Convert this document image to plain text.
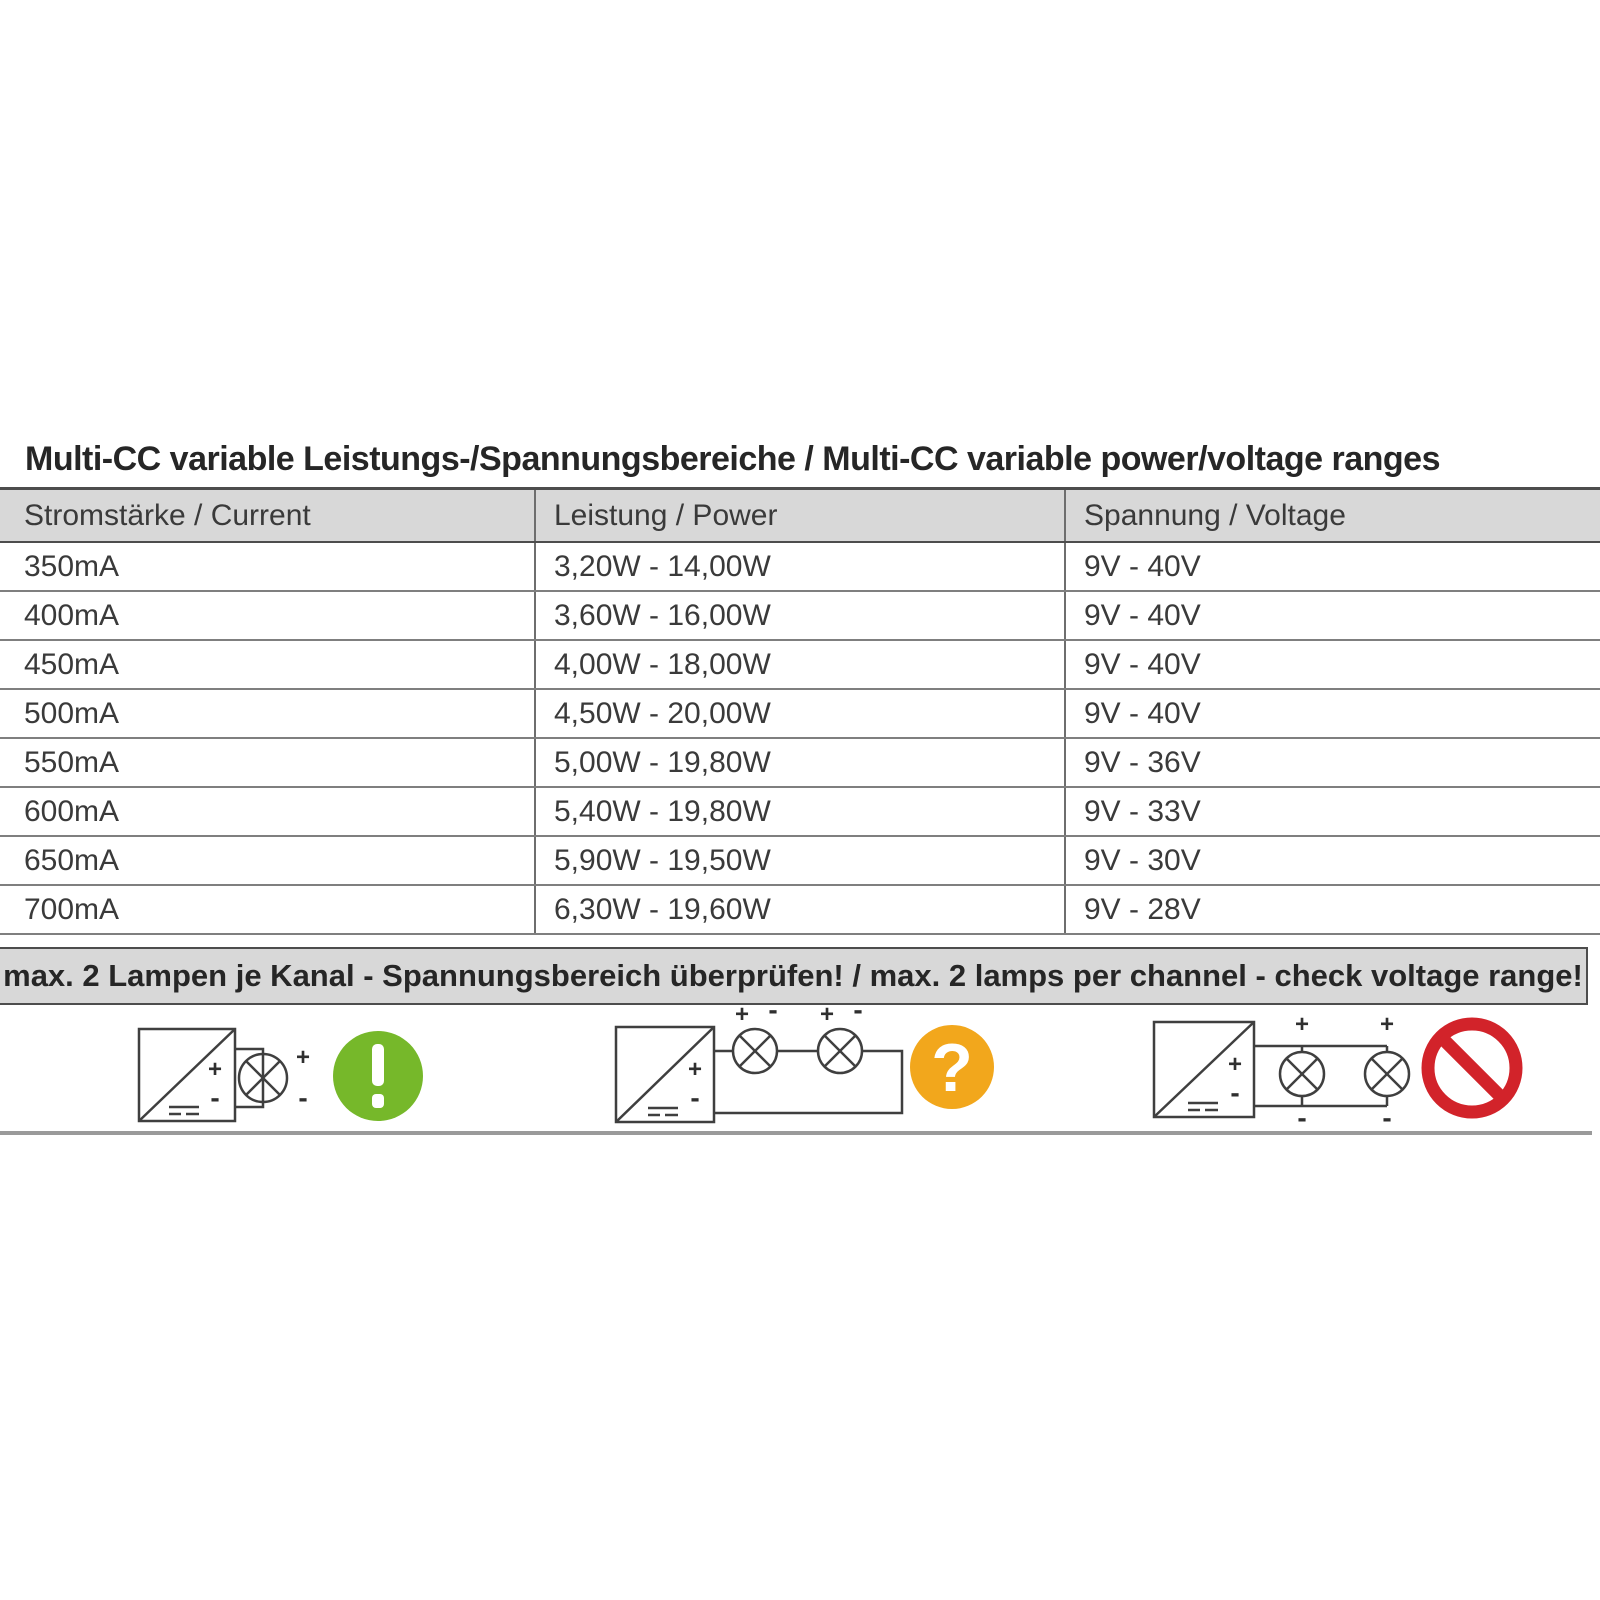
Multi-CC variable Leistungs-/Spannungsbereiche / Multi-CC variable power/voltage ranges
Stromstärke / Current	Leistung / Power	Spannung / Voltage
350mA	3,20W - 14,00W	9V - 40V
400mA	3,60W - 16,00W	9V - 40V
450mA	4,00W - 18,00W	9V - 40V
500mA	4,50W - 20,00W	9V - 40V
550mA	5,00W - 19,80W	9V - 36V
600mA	5,40W - 19,80W	9V - 33V
650mA	5,90W - 19,50W	9V - 30V
700mA	6,30W - 19,60W	9V - 28V
max. 2 Lampen je Kanal - Spannungsbereich überprüfen! / max. 2 lamps per channel - check voltage range!
+
-
+
-
+
-
+ - + -
?	+
-
+	+
-	-
